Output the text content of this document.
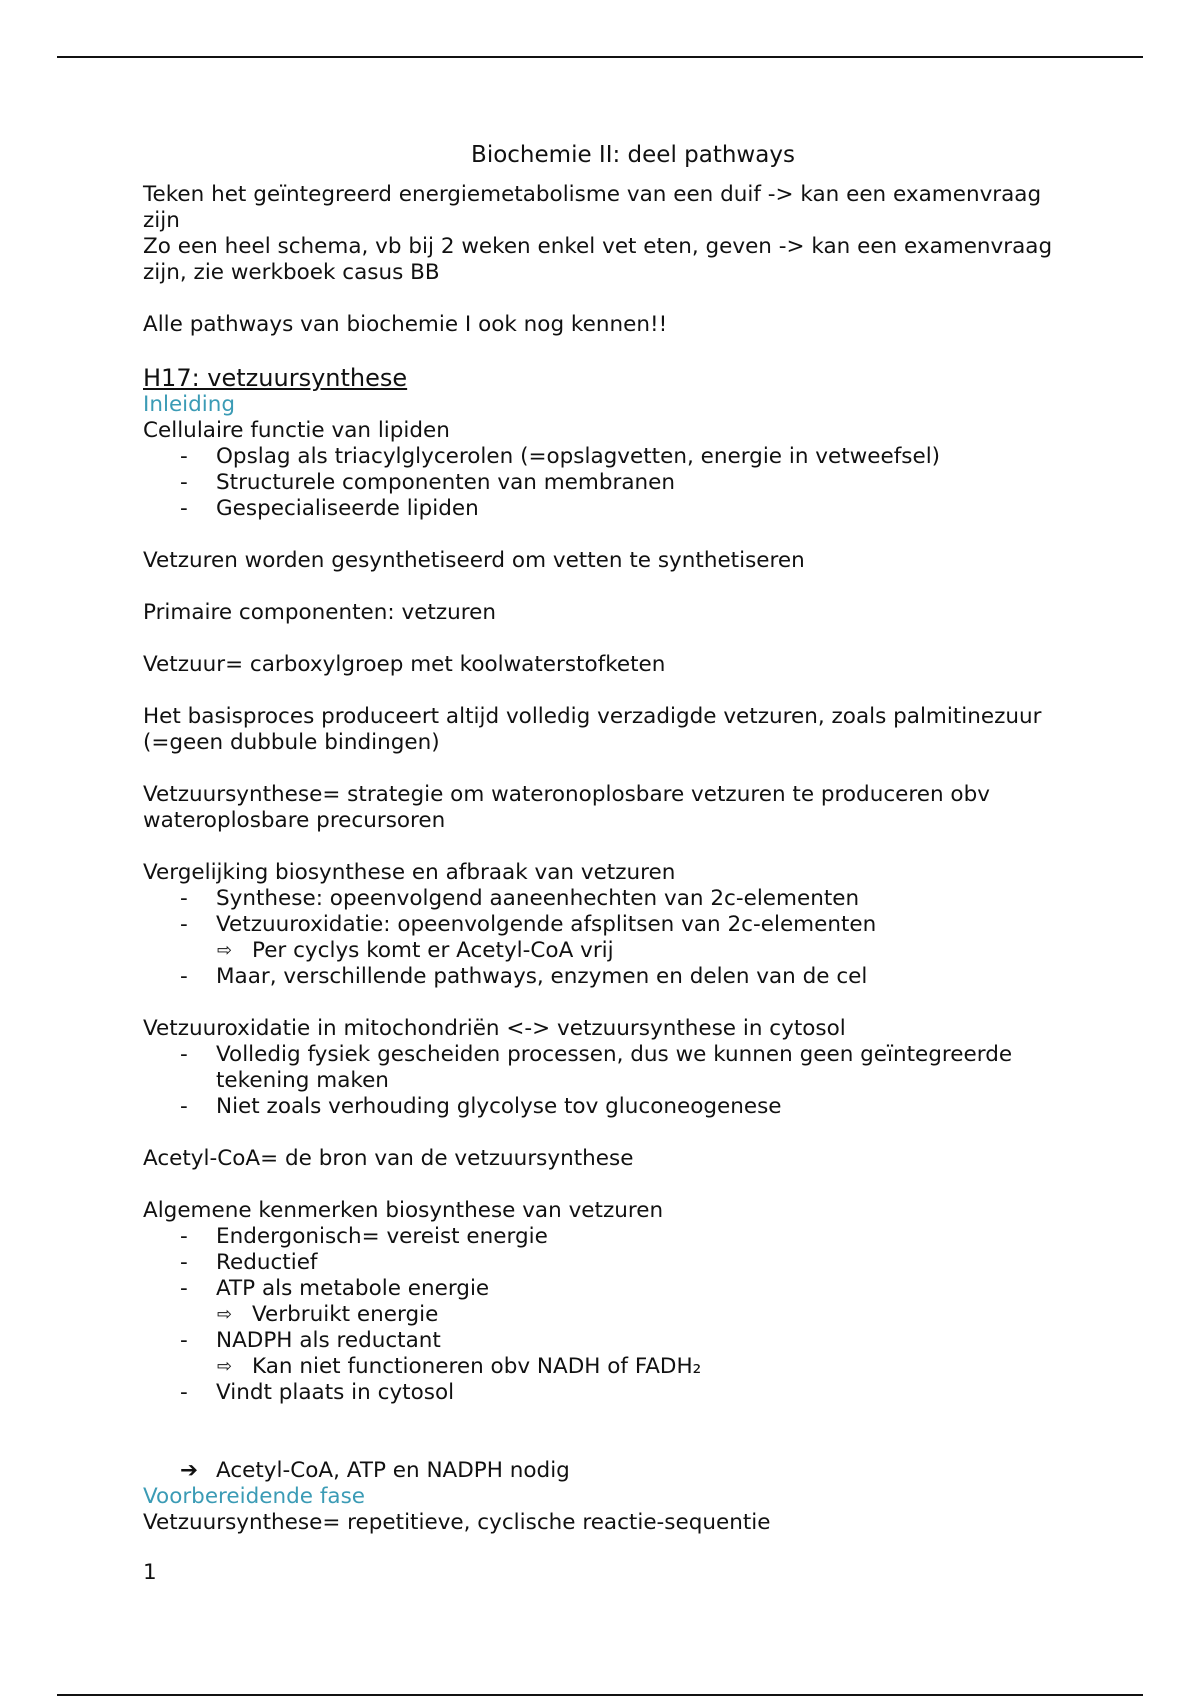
Biochemie II: deel pathways

Teken het geïntegreerd energiemetabolisme van een duif -> kan een examenvraag zijn

Zo een heel schema, vb bij 2 weken enkel vet eten, geven -> kan een examenvraag zijn, zie werkboek casus BB

Alle pathways van biochemie I ook nog kennen!!

H17: vetzuursynthese

Inleiding

Cellulaire functie van lipiden

- Opslag als triacylglycerolen (=opslagvetten, energie in vetweefsel)
- Structurele componenten van membranen
- Gespecialiseerde lipiden

Vetzuren worden gesynthetiseerd om vetten te synthetiseren

Primaire componenten: vetzuren

Vetzuur= carboxylgroep met koolwaterstofketen

Het basisproces produceert altijd volledig verzadigde vetzuren, zoals palmitinezuur (=geen dubbule bindingen)

Vetzuursynthese= strategie om wateronoplosbare vetzuren te produceren obv wateroplosbare precursoren

Vergelijking biosynthese en afbraak van vetzuren

- Synthese: opeenvolgend aaneenhechten van 2c-elementen
- Vetzuuroxidatie: opeenvolgende afsplitsen van 2c-elementen
⇨ Per cyclys komt er Acetyl-CoA vrij
- Maar, verschillende pathways, enzymen en delen van de cel

Vetzuuroxidatie in mitochondriën <-> vetzuursynthese in cytosol

- Volledig fysiek gescheiden processen, dus we kunnen geen geïntegreerde tekening maken
- Niet zoals verhouding glycolyse tov gluconeogenese

Acetyl-CoA= de bron van de vetzuursynthese

Algemene kenmerken biosynthese van vetzuren

- Endergonisch= vereist energie
- Reductief
- ATP als metabole energie
⇨ Verbruikt energie
- NADPH als reductant
⇨ Kan niet functioneren obv NADH of FADH₂
- Vindt plaats in cytosol

➔ Acetyl-CoA, ATP en NADPH nodig

Voorbereidende fase

Vetzuursynthese= repetitieve, cyclische reactie-sequentie

1
